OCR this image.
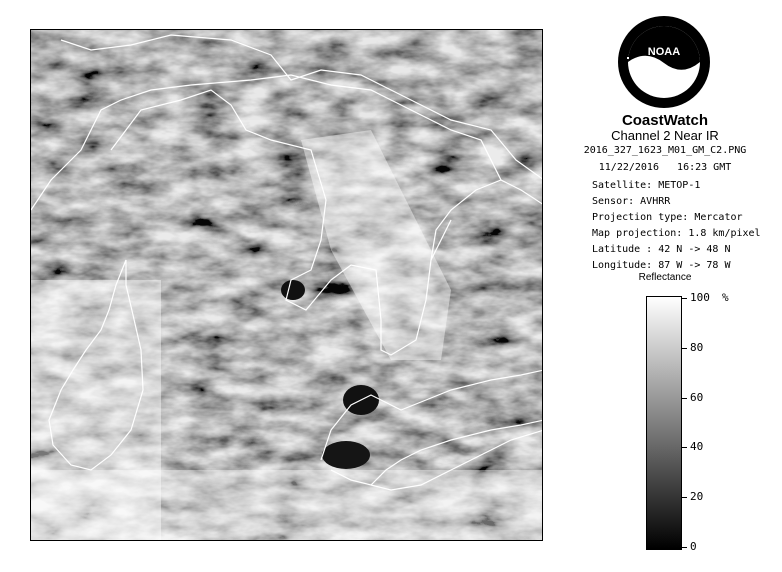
NOAA
CoastWatch
Channel 2 Near IR
2016_327_1623_M01_GM_C2.PNG
11/22/2016 16:23 GMT
Satellite: METOP-1
Sensor: AVHRR
Projection type: Mercator
Map projection: 1.8 km/pixel
Latitude : 42 N -> 48 N
Longitude: 87 W -> 78 W
Reflectance
%
100
80
60
40
20
0
